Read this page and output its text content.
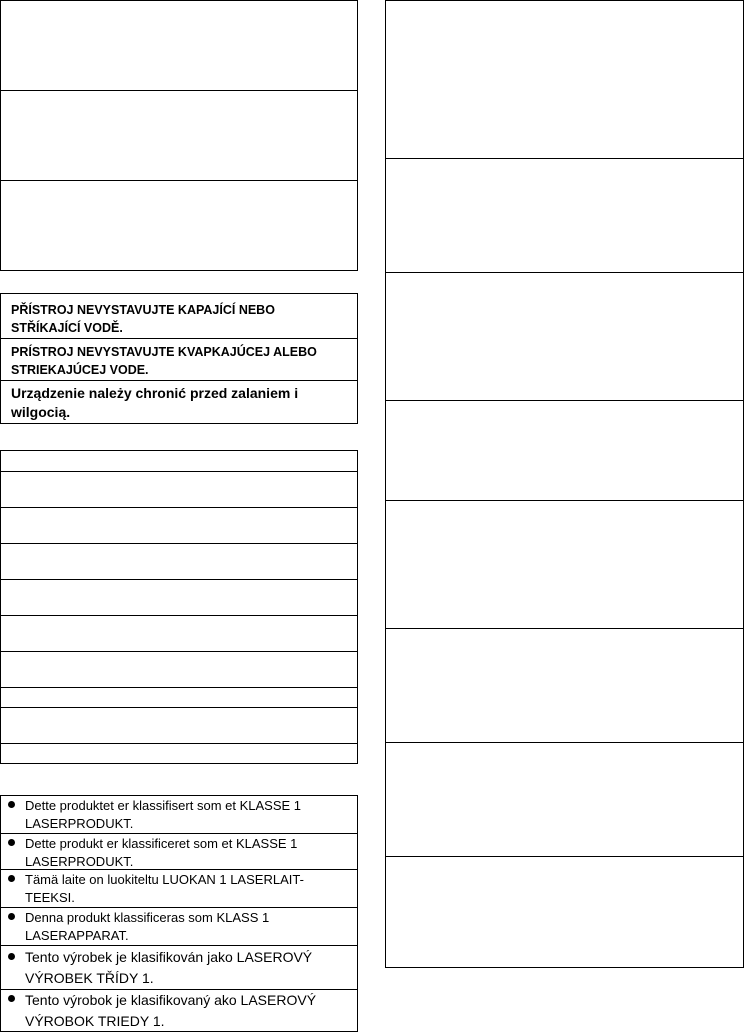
PŘÍSTROJ NEVYSTAVUJTE KAPAJÍCÍ NEBO STŘÍKAJÍCÍ VODĚ.
PRÍSTROJ NEVYSTAVUJTE KVAPKAJÚCEJ ALEBO STRIEKAJÚCEJ VODE.
Urządzenie należy chronić przed zalaniem i wilgocią.
Dette produktet er klassifisert som et KLASSE 1 LASERPRODUKT.
Dette produkt er klassificeret som et KLASSE 1 LASERPRODUKT.
Tämä laite on luokiteltu LUOKAN 1 LASERLAIT-TEEKSI.
Denna produkt klassificeras som KLASS 1 LASERAPPARAT.
Tento výrobek je klasifikován jako LASEROVÝ VÝROBEK TŘÍDY 1.
Tento výrobok je klasifikovaný ako LASEROVÝ VÝROBOK TRIEDY 1.
